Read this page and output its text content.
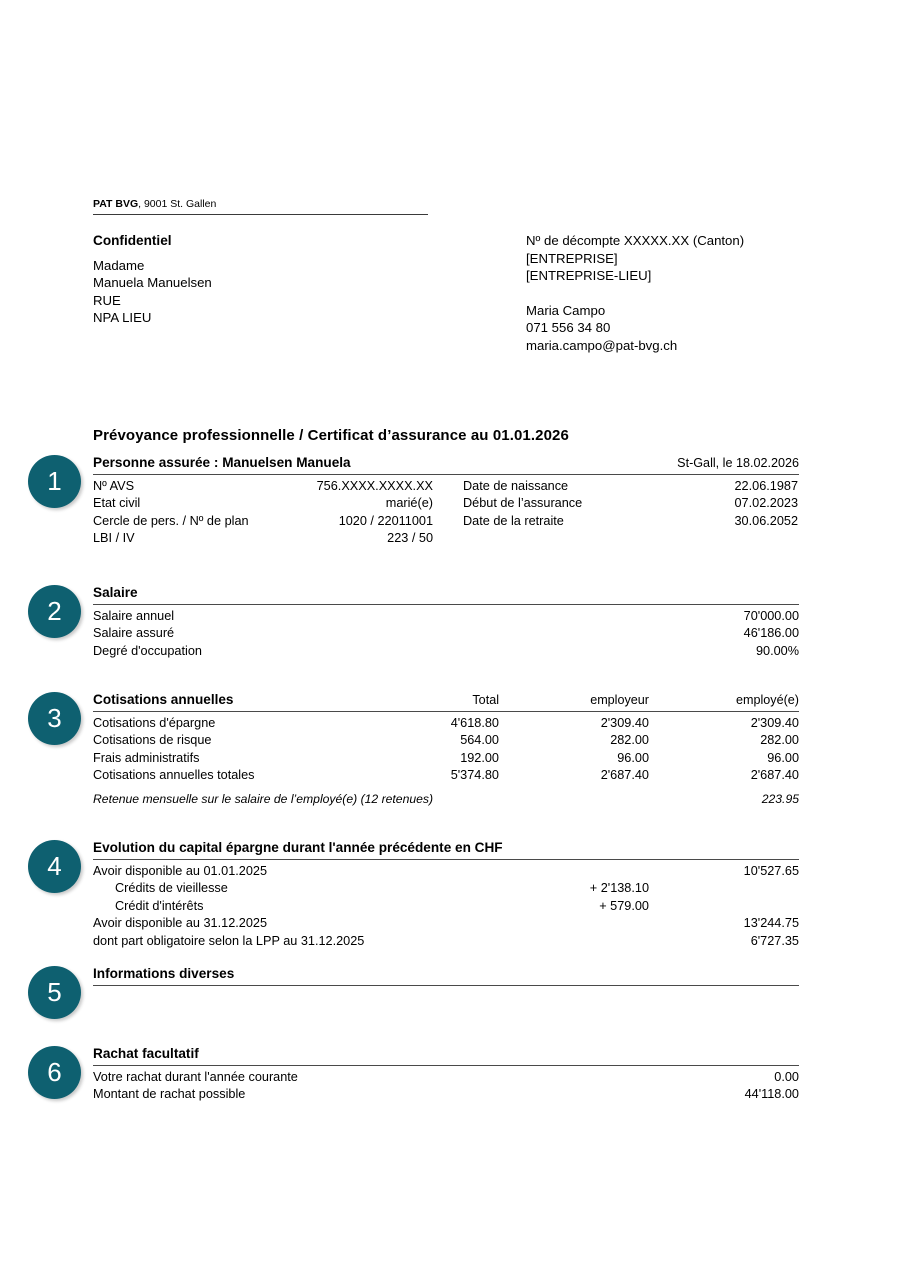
PAT BVG, 9001 St. Gallen
Confidentiel
Madame
Manuela Manuelsen
RUE
NPA LIEU
Nº de décompte XXXXX.XX (Canton)
[ENTREPRISE]
[ENTREPRISE-LIEU]
Maria Campo
071 556 34 80
maria.campo@pat-bvg.ch
Prévoyance professionnelle / Certificat d’assurance au 01.01.2026
1
Personne assurée : Manuelsen Manuela	St-Gall, le 18.02.2026
Nº AVS	756.XXXX.XXXX.XX Date de naissance	22.06.1987
Etat civil	marié(e) Début de l’assurance	07.02.2023
Cercle de pers. / Nº de plan	1020 / 22011001 Date de la retraite	30.06.2052
LBI / IV	223 / 50
2
Salaire
Salaire annuel	70'000.00
Salaire assuré	46'186.00
Degré d'occupation	90.00%
3
Cotisations annuelles	Total	employeur	employé(e)
Cotisations d'épargne	4'618.80	2'309.40	2'309.40
Cotisations de risque	564.00	282.00	282.00
Frais administratifs	192.00	96.00	96.00
Cotisations annuelles totales	5'374.80	2'687.40	2'687.40
Retenue mensuelle sur le salaire de l’employé(e) (12 retenues)	223.95
4
Evolution du capital épargne durant l'année précédente en CHF
Avoir disponible au 01.01.2025	10'527.65
Crédits de vieillesse	+ 2'138.10
Crédit d'intérêts	+ 579.00
Avoir disponible au 31.12.2025	13'244.75
dont part obligatoire selon la LPP au 31.12.2025	6'727.35
5
Informations diverses
6
Rachat facultatif
Votre rachat durant l'année courante	0.00
Montant de rachat possible	44'118.00
